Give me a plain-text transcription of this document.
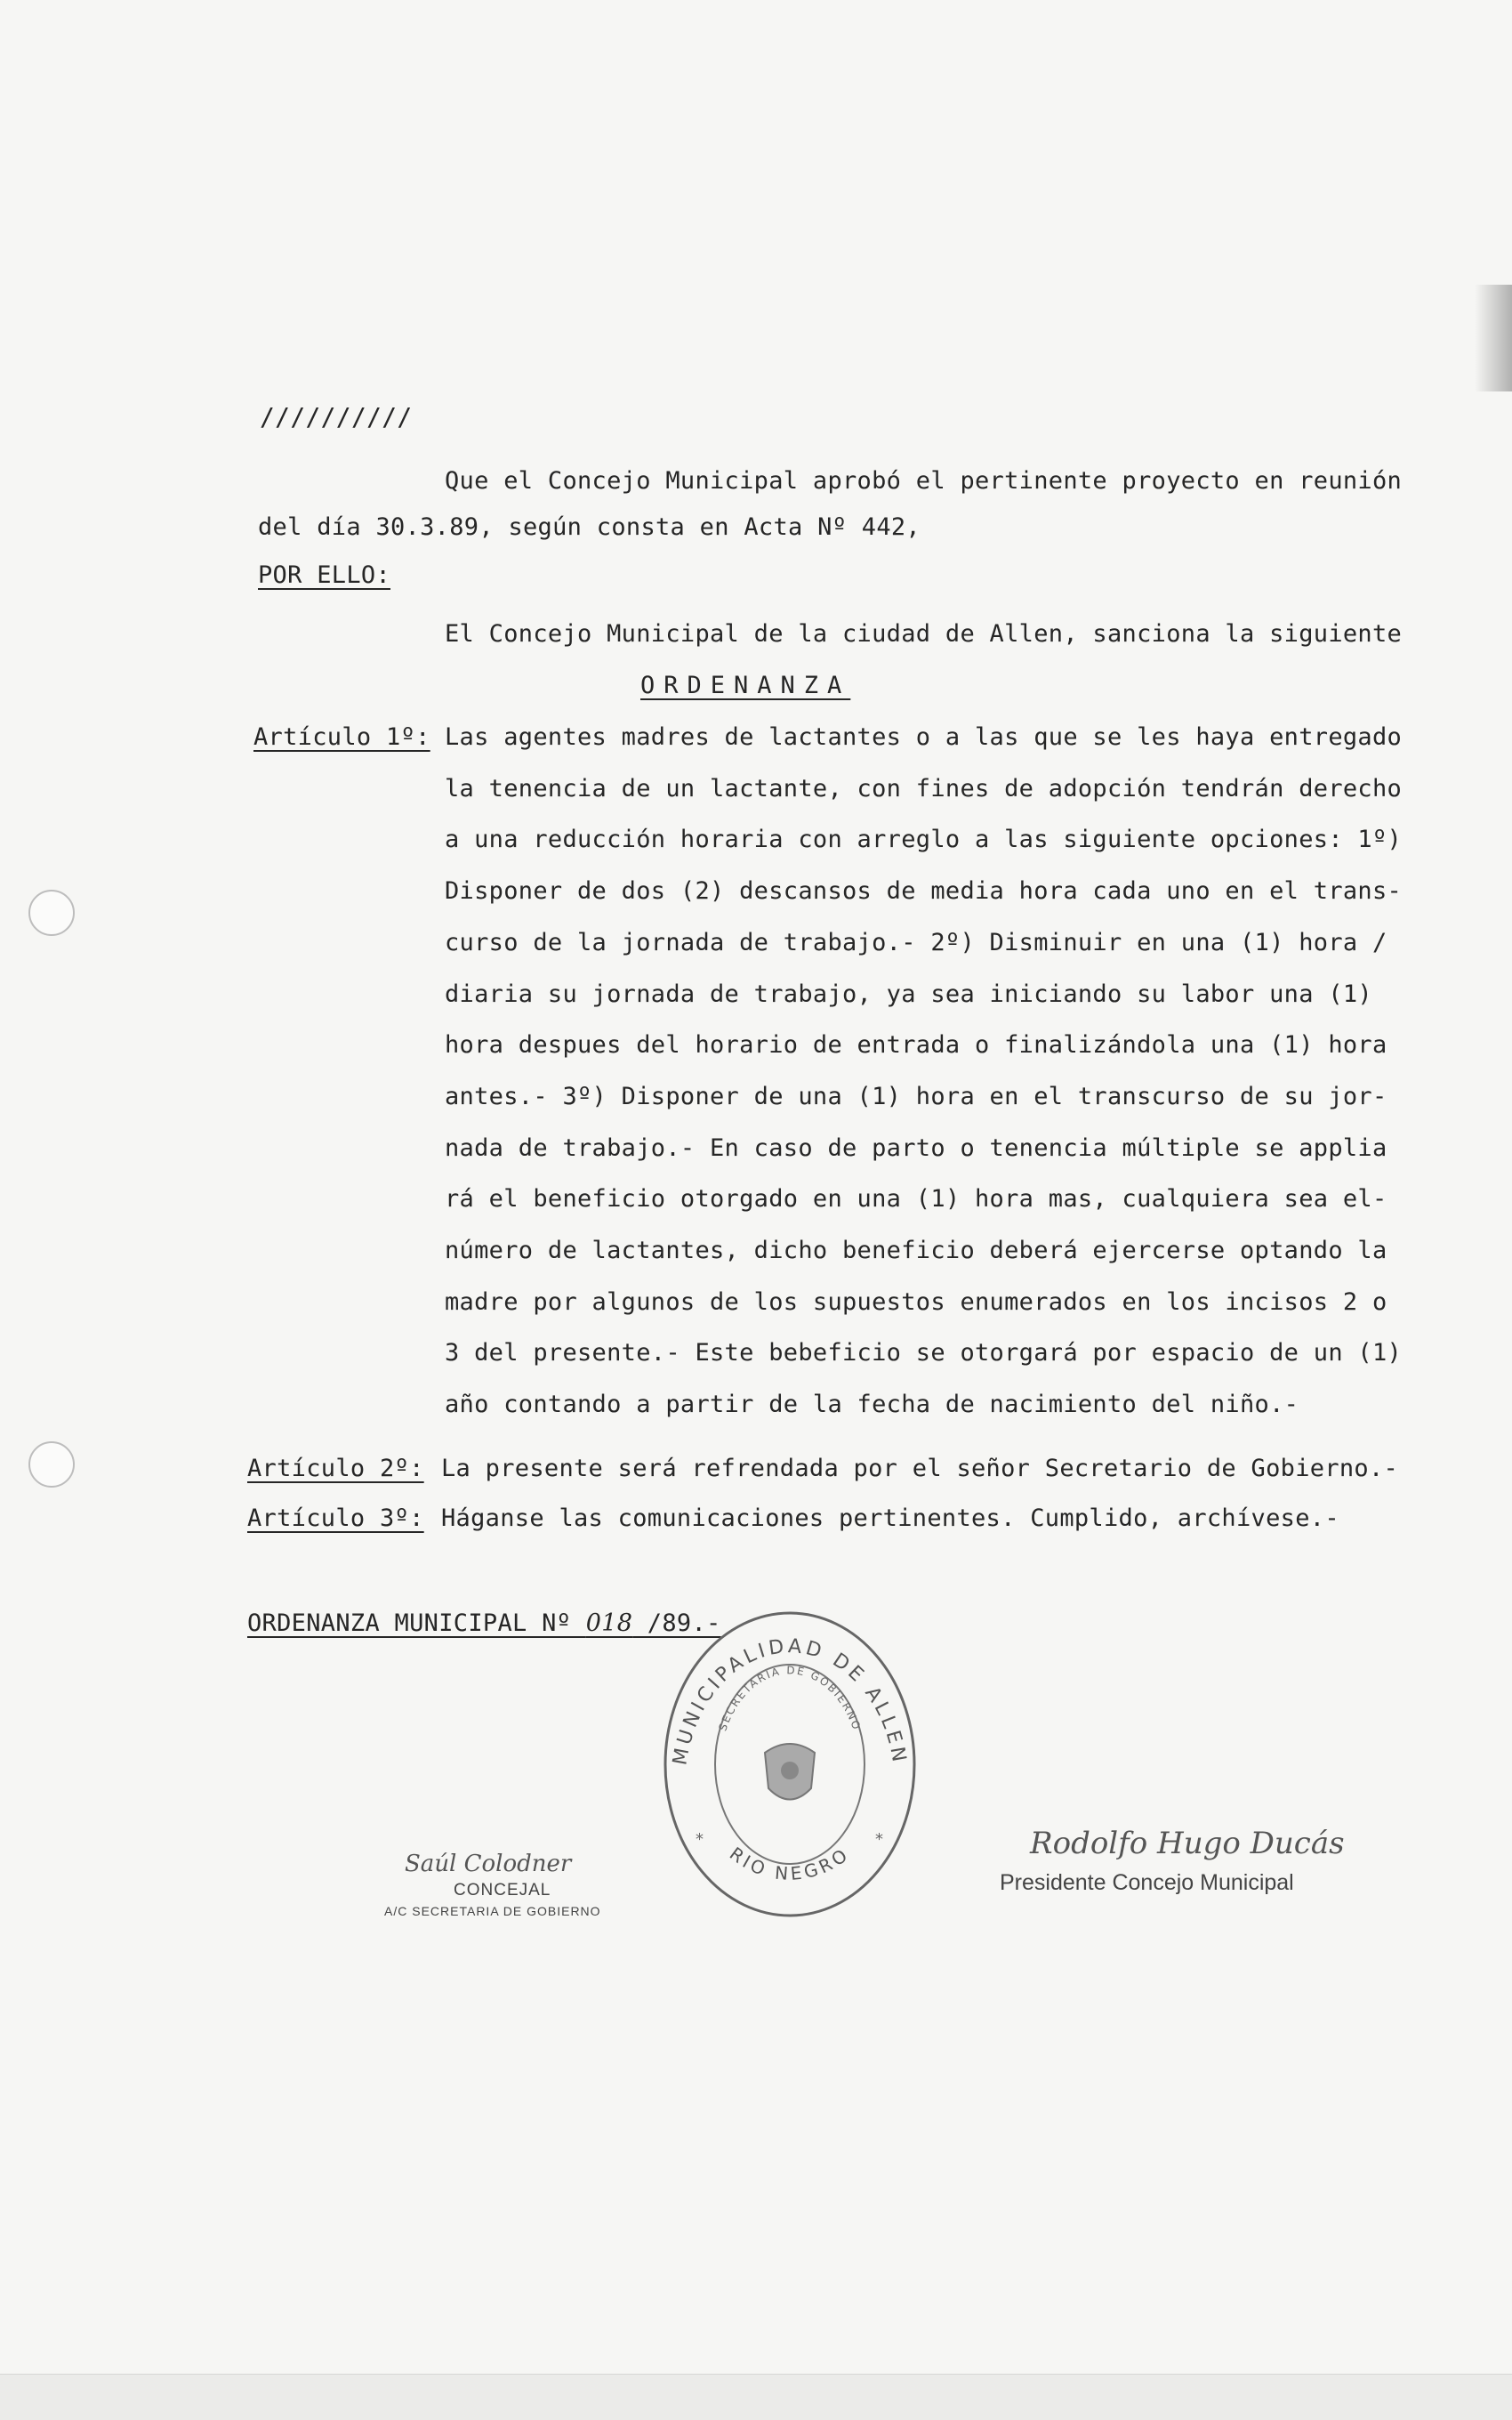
//////////
Que el Concejo Municipal aprobó el pertinente proyecto en reunión
del día 30.3.89, según consta en Acta Nº 442,
POR ELLO:
El Concejo Municipal de la ciudad de Allen, sanciona la siguiente
ORDENANZA
Artículo 1º: Las agentes madres de lactantes o a las que se les haya entregado
la tenencia de un lactante, con fines de adopción tendrán derecho
a una reducción horaria con arreglo a las siguiente opciones: 1º)
Disponer de dos (2) descansos de media hora cada uno en el trans-
curso de la jornada de trabajo.- 2º) Disminuir en una (1) hora /
diaria su jornada de trabajo, ya sea iniciando su labor una (1)
hora despues del horario de entrada o finalizándola una (1) hora
antes.- 3º) Disponer de una (1) hora en el transcurso de su jor-
nada de trabajo.- En caso de parto o tenencia múltiple se applia
rá el beneficio otorgado en una (1) hora mas, cualquiera sea el-
número de lactantes, dicho beneficio deberá ejercerse optando la
madre por algunos de los supuestos enumerados en los incisos 2 o
3 del presente.- Este bebeficio se otorgará por espacio de un (1)
año contando a partir de la fecha de nacimiento del niño.-
Artículo 2º: La presente será refrendada por el señor Secretario de Gobierno.-
Artículo 3º: Háganse las comunicaciones pertinentes. Cumplido, archívese.-
ORDENANZA MUNICIPAL Nº 018 /89.-
MUNICIPALIDAD DE ALLEN
SECRETARIA DE GOBIERNO
RIO NEGRO
*	*
Saúl Colodner
CONCEJAL
A/C SECRETARIA DE GOBIERNO
Rodolfo Hugo Ducás
Presidente Concejo Municipal
